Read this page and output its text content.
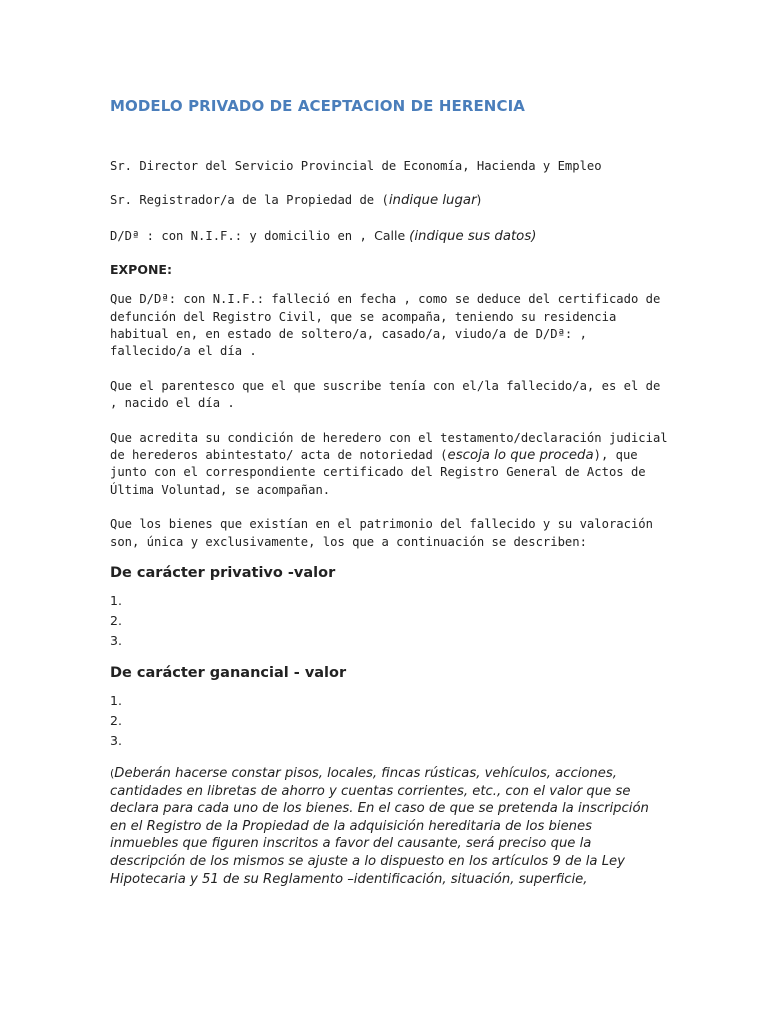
MODELO PRIVADO DE ACEPTACION DE HERENCIA

Sr. Director del Servicio Provincial de Economía, Hacienda y Empleo

Sr. Registrador/a de la Propiedad de (indique lugar)

D/Dª : con N.I.F.: y domicilio en , Calle (indique sus datos)

EXPONE:

Que D/Dª: con N.I.F.: falleció en fecha , como se deduce del certificado de defunción del Registro Civil, que se acompaña, teniendo su residencia habitual en, en estado de soltero/a, casado/a, viudo/a de D/Dª: , fallecido/a el día .

Que el parentesco que el que suscribe tenía con el/la fallecido/a, es el de , nacido el día .

Que acredita su condición de heredero con el testamento/declaración judicial de herederos abintestato/ acta de notoriedad (escoja lo que proceda), que junto con el correspondiente certificado del Registro General de Actos de Última Voluntad, se acompañan.

Que los bienes que existían en el patrimonio del fallecido y su valoración son, única y exclusivamente, los que a continuación se describen:

De carácter privativo -valor
1.
2.
3.
De carácter ganancial - valor
1.
2.
3.

(Deberán hacerse constar pisos, locales, fincas rústicas, vehículos, acciones, cantidades en libretas de ahorro y cuentas corrientes, etc., con el valor que se declara para cada uno de los bienes. En el caso de que se pretenda la inscripción en el Registro de la Propiedad de la adquisición hereditaria de los bienes inmuebles que figuren inscritos a favor del causante, será preciso que la descripción de los mismos se ajuste a lo dispuesto en los artículos 9 de la Ley Hipotecaria y 51 de su Reglamento –identificación, situación, superficie,
